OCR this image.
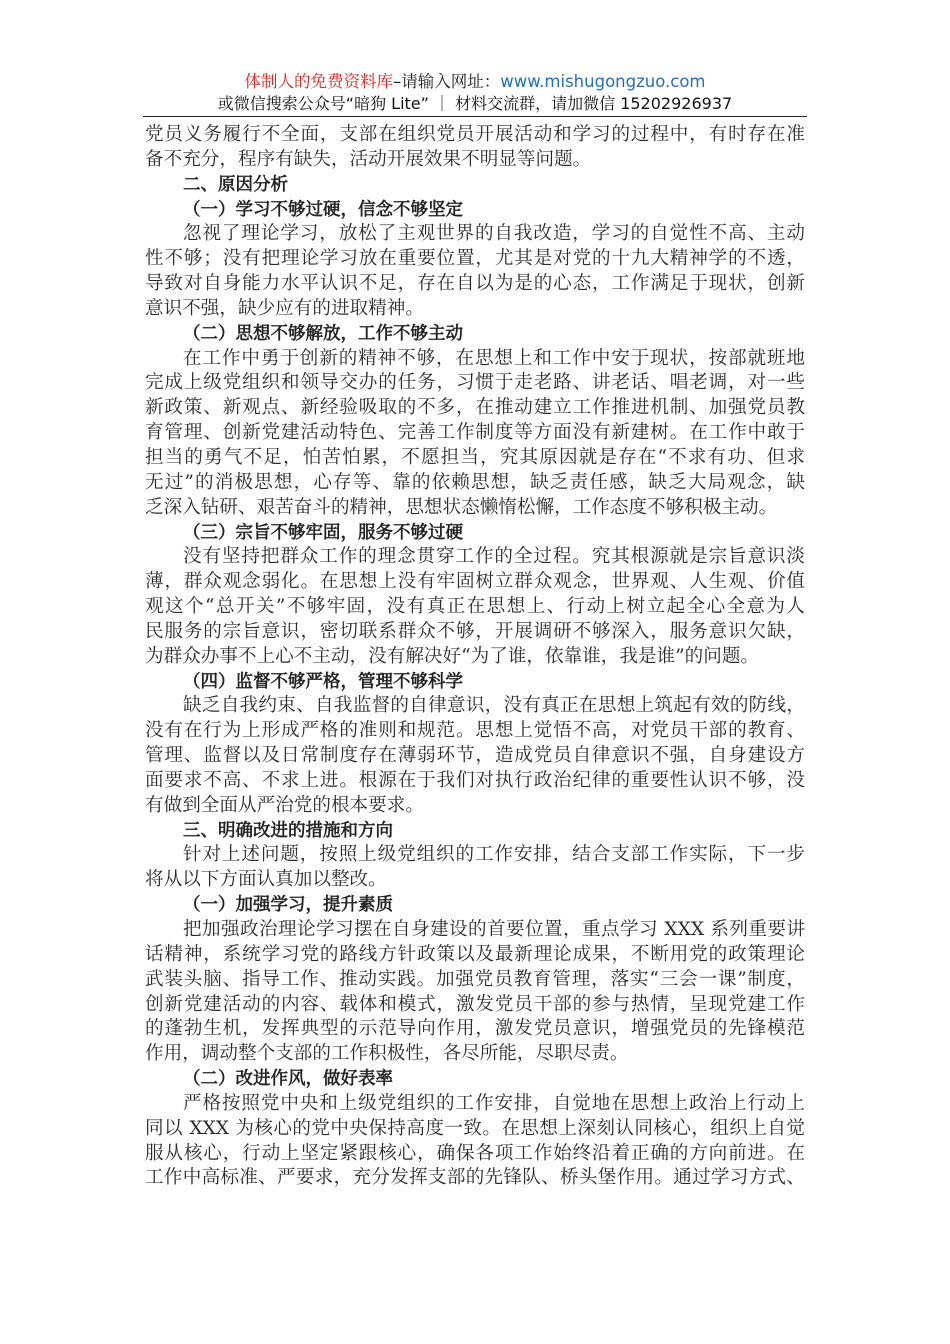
体制人的免费资料库–请输入网址：www.mishugongzuo.com
或微信搜索公众号“暗狗 Lite” ｜ 材料交流群，请加微信 15202926937
党员义务履行不全面，支部在组织党员开展活动和学习的过程中，有时存在准
备不充分，程序有缺失，活动开展效果不明显等问题。
二、原因分析
（一）学习不够过硬，信念不够坚定
忽视了理论学习，放松了主观世界的自我改造，学习的自觉性不高、主动
性不够；没有把理论学习放在重要位置，尤其是对党的十九大精神学的不透，
导致对自身能力水平认识不足，存在自以为是的心态，工作满足于现状，创新
意识不强，缺少应有的进取精神。
（二）思想不够解放，工作不够主动
在工作中勇于创新的精神不够，在思想上和工作中安于现状，按部就班地
完成上级党组织和领导交办的任务，习惯于走老路、讲老话、唱老调，对一些
新政策、新观点、新经验吸取的不多，在推动建立工作推进机制、加强党员教
育管理、创新党建活动特色、完善工作制度等方面没有新建树。在工作中敢于
担当的勇气不足，怕苦怕累，不愿担当，究其原因就是存在“不求有功、但求
无过”的消极思想，心存等、靠的依赖思想，缺乏责任感，缺乏大局观念，缺
乏深入钻研、艰苦奋斗的精神，思想状态懒惰松懈，工作态度不够积极主动。
（三）宗旨不够牢固，服务不够过硬
没有坚持把群众工作的理念贯穿工作的全过程。究其根源就是宗旨意识淡
薄，群众观念弱化。在思想上没有牢固树立群众观念，世界观、人生观、价值
观这个“总开关”不够牢固，没有真正在思想上、行动上树立起全心全意为人
民服务的宗旨意识，密切联系群众不够，开展调研不够深入，服务意识欠缺，
为群众办事不上心不主动，没有解决好“为了谁，依靠谁，我是谁”的问题。
（四）监督不够严格，管理不够科学
缺乏自我约束、自我监督的自律意识，没有真正在思想上筑起有效的防线，
没有在行为上形成严格的准则和规范。思想上觉悟不高，对党员干部的教育、
管理、监督以及日常制度存在薄弱环节，造成党员自律意识不强，自身建设方
面要求不高、不求上进。根源在于我们对执行政治纪律的重要性认识不够，没
有做到全面从严治党的根本要求。
三、明确改进的措施和方向
针对上述问题，按照上级党组织的工作安排，结合支部工作实际，下一步
将从以下方面认真加以整改。
（一）加强学习，提升素质
把加强政治理论学习摆在自身建设的首要位置，重点学习 XXX 系列重要讲
话精神，系统学习党的路线方针政策以及最新理论成果，不断用党的政策理论
武装头脑、指导工作、推动实践。加强党员教育管理，落实“三会一课”制度，
创新党建活动的内容、载体和模式，激发党员干部的参与热情，呈现党建工作
的蓬勃生机，发挥典型的示范导向作用，激发党员意识，增强党员的先锋模范
作用，调动整个支部的工作积极性，各尽所能，尽职尽责。
（二）改进作风，做好表率
严格按照党中央和上级党组织的工作安排，自觉地在思想上政治上行动上
同以 XXX 为核心的党中央保持高度一致。在思想上深刻认同核心，组织上自觉
服从核心，行动上坚定紧跟核心，确保各项工作始终沿着正确的方向前进。在
工作中高标准、严要求，充分发挥支部的先锋队、桥头堡作用。通过学习方式、
